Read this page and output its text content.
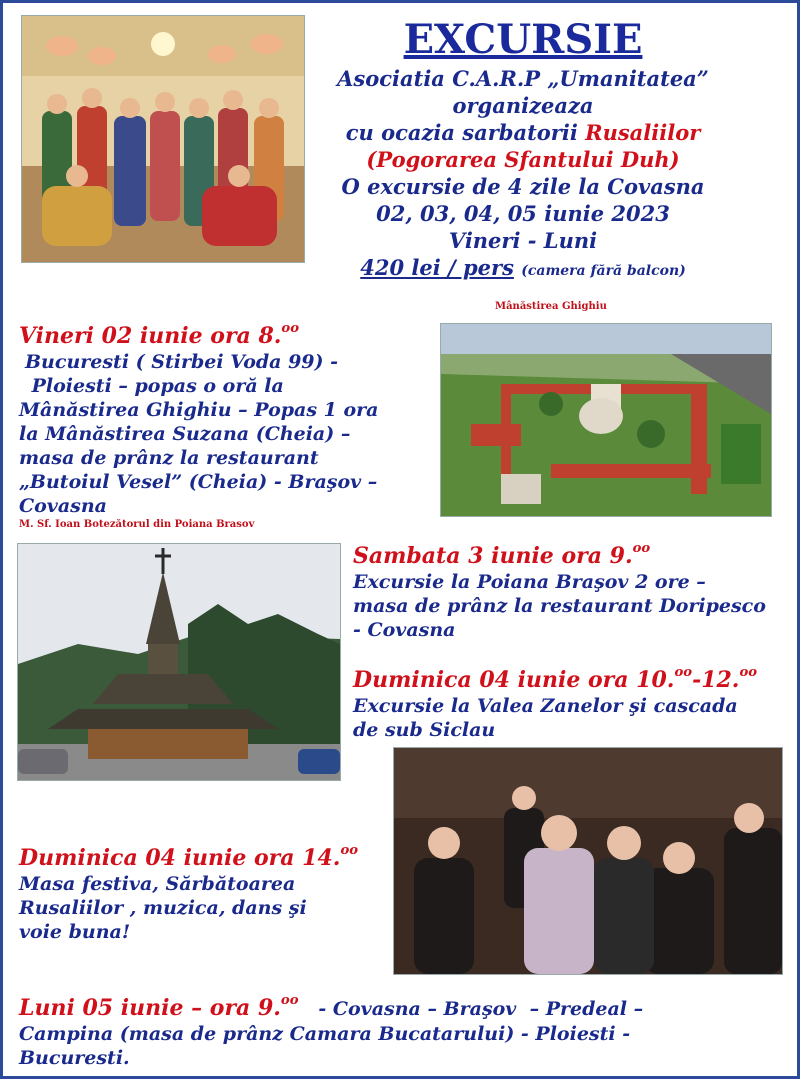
EXCURSIE
Asociatia C.A.R.P „Umanitatea”
organizeaza
cu ocazia sarbatorii Rusaliilor
(Pogorarea Sfantului Duh)
O excursie de 4 zile la Covasna
02, 03, 04, 05 iunie 2023
Vineri - Luni
420 lei / pers (camera fără balcon)
Mânăstirea Ghighiu
Vineri 02 iunie ora 8.$^{oo}$
Bucuresti ( Stirbei Voda 99) -
Ploiesti – popas o oră la
Mânăstirea Ghighiu – Popas 1 ora
la Mânăstirea Suzana (Cheia) –
masa de prânz la restaurant
„Butoiul Vesel” (Cheia) - Braşov –
Covasna
M. Sf. Ioan Botezătorul din Poiana Brasov
Sambata 3 iunie ora 9.$^{oo}$
Excursie la Poiana Braşov 2 ore –
masa de prânz la restaurant Doripesco
- Covasna
Duminica 04 iunie ora 10.$^{oo}$-12.$^{oo}$
Excursie la Valea Zanelor şi cascada
de sub Siclau
Duminica 04 iunie ora 14.$^{oo}$
Masa festiva, Sărbătoarea
Rusaliilor , muzica, dans şi
voie buna!
Luni 05 iunie – ora 9.$^{oo}$   - Covasna – Braşov  – Predeal –
Campina (masa de prânz Camara Bucatarului) - Ploiesti -
Bucuresti.
